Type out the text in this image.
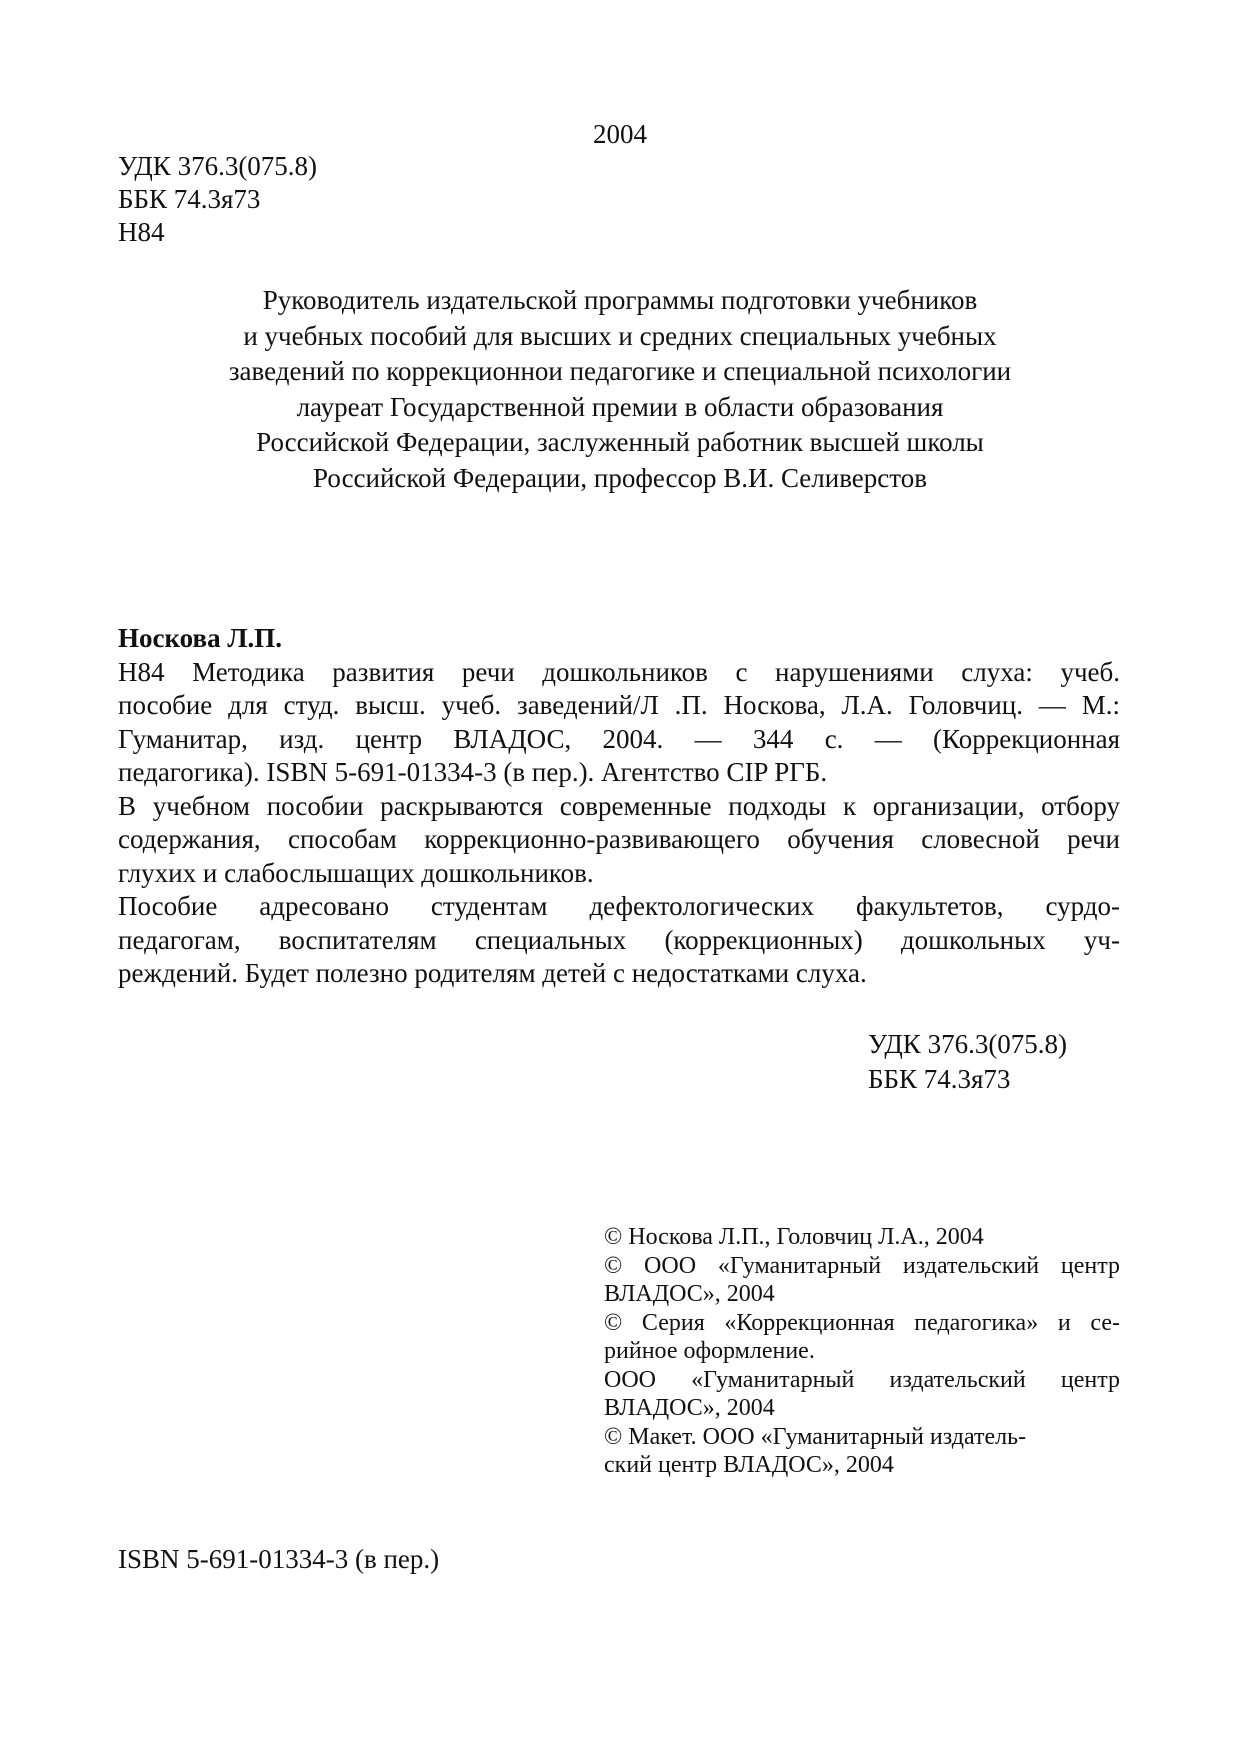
2004
УДК 376.3(075.8)
ББК 74.3я73
Н84
Руководитель издательской программы подготовки учебников
и учебных пособий для высших и средних специальных учебных
заведений по коррекционнои педагогике и специальной психологии
лауреат Государственной премии в области образования
Российской Федерации, заслуженный работник высшей школы
Российской Федерации, профессор В.И. Селиверстов
Носкова Л.П.
Н84 Методика развития речи дошкольников с нарушениями слуха: учеб.
пособие для студ. высш. учеб. заведений/Л .П. Носкова, Л.А. Головчиц. — М.:
Гуманитар, изд. центр ВЛАДОС, 2004. — 344 с. — (Коррекционная
педагогика). ISBN 5-691-01334-3 (в пер.). Агентство CIP РГБ.
В учебном пособии раскрываются современные подходы к организации, отбору
содержания, способам коррекционно-развивающего обучения словесной речи
глухих и слабослышащих дошкольников.
Пособие адресовано студентам дефектологических факультетов, сурдо-
педагогам, воспитателям специальных (коррекционных) дошкольных уч-
реждений. Будет полезно родителям детей с недостатками слуха.
УДК 376.3(075.8)
ББК 74.3я73
© Носкова Л.П., Головчиц Л.А., 2004
© ООО «Гуманитарный издательский центр
ВЛАДОС», 2004
© Серия «Коррекционная педагогика» и се-
рийное оформление.
ООО «Гуманитарный издательский центр
ВЛАДОС», 2004
© Макет. ООО «Гуманитарный издатель-
ский центр ВЛАДОС», 2004
ISBN 5-691-01334-3 (в пер.)
